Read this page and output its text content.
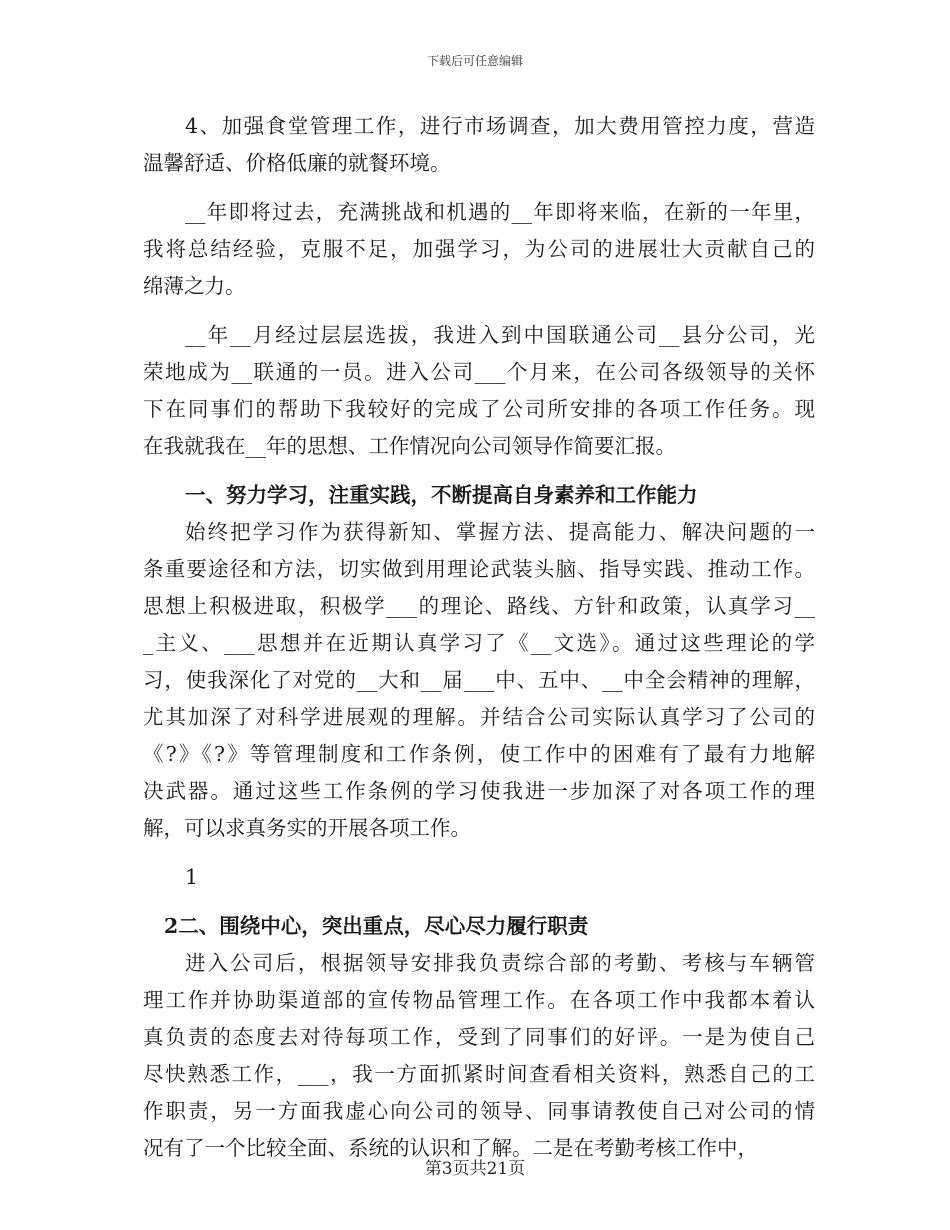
下载后可任意编辑
4、加强食堂管理工作，进行市场调查，加大费用管控力度，营造
温馨舒适、价格低廉的就餐环境。
__年即将过去，充满挑战和机遇的__年即将来临，在新的一年里，
我将总结经验，克服不足，加强学习，为公司的进展壮大贡献自己的
绵薄之力。
__年__月经过层层选拔，我进入到中国联通公司__县分公司，光
荣地成为__联通的一员。进入公司___个月来，在公司各级领导的关怀
下在同事们的帮助下我较好的完成了公司所安排的各项工作任务。现
在我就我在__年的思想、工作情况向公司领导作简要汇报。
一、努力学习，注重实践，不断提高自身素养和工作能力
始终把学习作为获得新知、掌握方法、提高能力、解决问题的一
条重要途径和方法，切实做到用理论武装头脑、指导实践、推动工作。
思想上积极进取，积极学___的理论、路线、方针和政策，认真学习__
_主义、___思想并在近期认真学习了《__文选》。通过这些理论的学
习，使我深化了对党的__大和__届___中、五中、__中全会精神的理解，
尤其加深了对科学进展观的理解。并结合公司实际认真学习了公司的
《?》《?》等管理制度和工作条例，使工作中的困难有了最有力地解
决武器。通过这些工作条例的学习使我进一步加深了对各项工作的理
解，可以求真务实的开展各项工作。
1
2二、围绕中心，突出重点，尽心尽力履行职责
进入公司后，根据领导安排我负责综合部的考勤、考核与车辆管
理工作并协助渠道部的宣传物品管理工作。在各项工作中我都本着认
真负责的态度去对待每项工作，受到了同事们的好评。一是为使自己
尽快熟悉工作，___，我一方面抓紧时间查看相关资料，熟悉自己的工
作职责，另一方面我虚心向公司的领导、同事请教使自己对公司的情
况有了一个比较全面、系统的认识和了解。二是在考勤考核工作中，
第3页共21页
